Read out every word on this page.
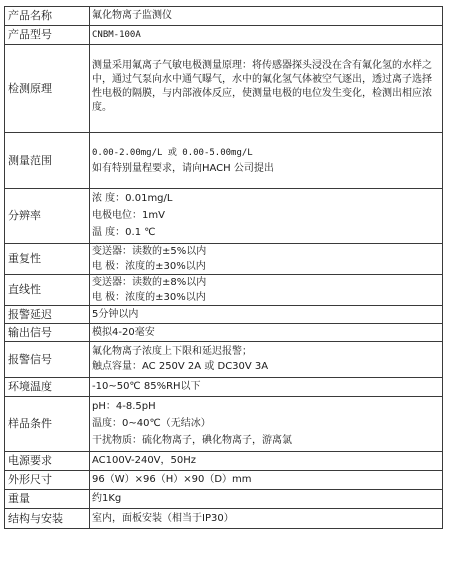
产品名称	氟化物离子监测仪

产品型号	CNBM-100A

检测原理	测量采用氟离子气敏电极测量原理：将传感器探头浸没在含有氟化氢的水样之中，通过气泵向水中通气曝气，水中的氟化氢气体被空气逐出，透过离子选择性电极的隔膜，与内部液体反应，使测量电极的电位发生变化，检测出相应浓度。

测量范围	0.00-2.00mg/L 或 0.00-5.00mg/L
如有特别量程要求，请向HACH 公司提出

分辨率	浓 度：0.01mg/L
电极电位：1mV
温 度：0.1 ℃

重复性	变送器：读数的±5%以内
电 极：浓度的±30%以内

直线性	变送器：读数的±8%以内
电 极：浓度的±30%以内

报警延迟	5分钟以内

输出信号	模拟4-20毫安

报警信号	氟化物离子浓度上下限和延迟报警；
触点容量：AC 250V 2A 或 DC30V 3A

环境温度	-10~50℃ 85%RH以下

样品条件	pH：4-8.5pH
温度：0~40℃（无结冰）
干扰物质：硫化物离子，碘化物离子，游离氯

电源要求	AC100V-240V，50Hz

外形尺寸	96（W）×96（H）×90（D）mm

重量	约1Kg

结构与安装	室内，面板安装（相当于IP30）
